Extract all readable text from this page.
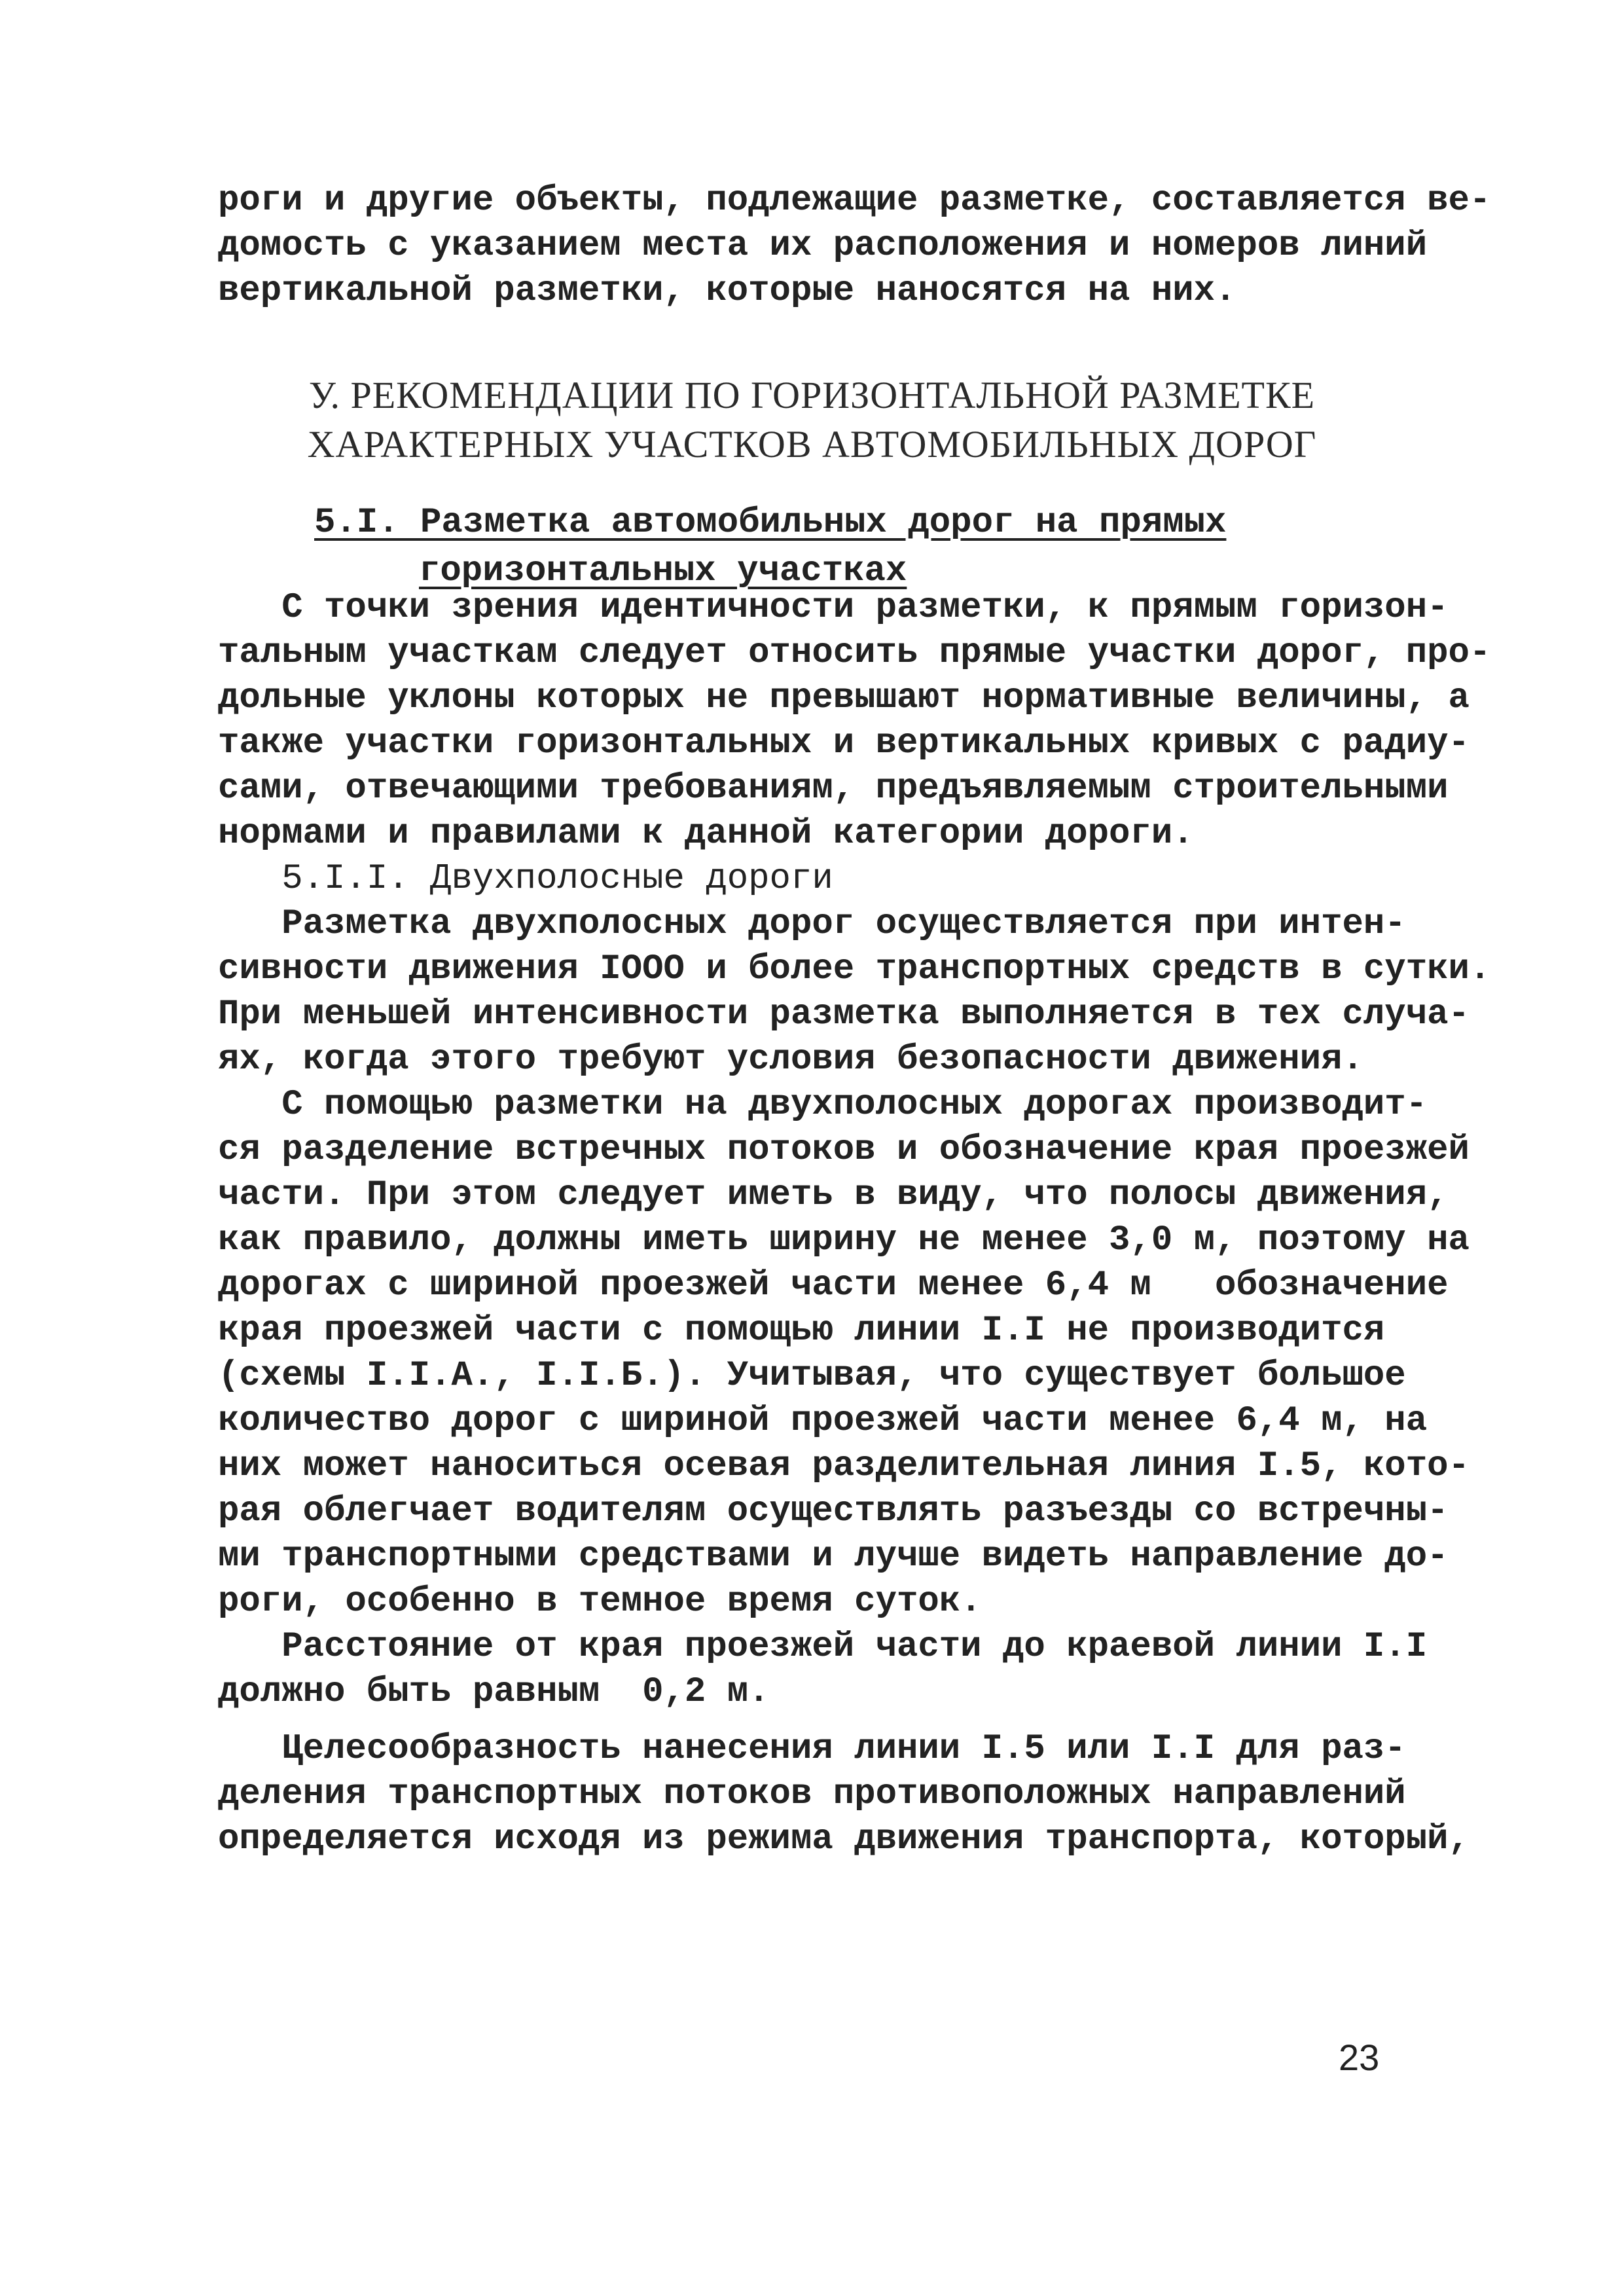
роги и другие объекты, подлежащие разметке, составляется ве-
домость с указанием места их расположения и номеров линий
вертикальной разметки, которые наносятся на них.
С точки зрения идентичности разметки, к прямым горизон-
тальным участкам следует относить прямые участки дорог, про-
дольные уклоны которых не превышают нормативные величины, а
также участки горизонтальных и вертикальных кривых с радиу-
сами, отвечающими требованиям, предъявляемым строительными
нормами и правилами к данной категории дороги.
5.I.I. Двухполосные дороги
Разметка двухполосных дорог осуществляется при интен-
сивности движения IOOO и более транспортных средств в сутки.
При меньшей интенсивности разметка выполняется в тех случа-
ях, когда этого требуют условия безопасности движения.
С помощью разметки на двухполосных дорогах производит-
ся разделение встречных потоков и обозначение края проезжей
части. При этом следует иметь в виду, что полосы движения,
как правило, должны иметь ширину не менее 3,0 м, поэтому на
дорогах с шириной проезжей части менее 6,4 м   обозначение
края проезжей части с помощью линии I.I не производится
(схемы I.I.А., I.I.Б.). Учитывая, что существует большое
количество дорог с шириной проезжей части менее 6,4 м, на
них может наноситься осевая разделительная линия I.5, кото-
рая облегчает водителям осуществлять разъезды со встречны-
ми транспортными средствами и лучше видеть направление до-
роги, особенно в темное время суток.
Расстояние от края проезжей части до краевой линии I.I
должно быть равным  0,2 м.
Целесообразность нанесения линии I.5 или I.I для раз-
деления транспортных потоков противоположных направлений
определяется исходя из режима движения транспорта, который,
У. РЕКОМЕНДАЦИИ ПО ГОРИЗОНТАЛЬНОЙ РАЗМЕТКЕ
ХАРАКТЕРНЫХ УЧАСТКОВ АВТОМОБИЛЬНЫХ ДОРОГ
5.I. Разметка автомобильных дорог на прямых
горизонтальных участках
23
